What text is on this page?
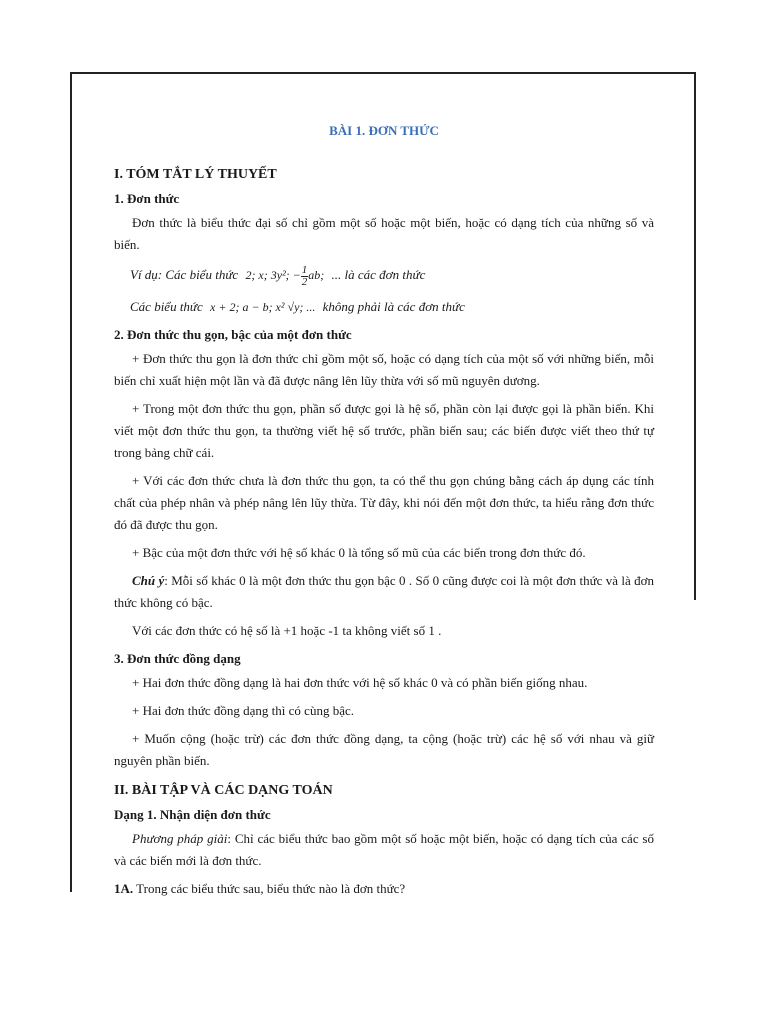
BÀI 1. ĐƠN THỨC
I. TÓM TẮT LÝ THUYẾT
1. Đơn thức
Đơn thức là biểu thức đại số chỉ gồm một số hoặc một biến, hoặc có dạng tích của những số và biến.
Ví dụ: Các biểu thức 2; x; 3y²; − $\frac{1}{2}$ ab; ... là các đơn thức
Các biểu thức x + 2; a − b; x² √y; ... không phải là các đơn thức
2. Đơn thức thu gọn, bậc của một đơn thức
+ Đơn thức thu gọn là đơn thức chỉ gồm một số, hoặc có dạng tích của một số với những biến, mỗi biến chỉ xuất hiện một lần và đã được nâng lên lũy thừa với số mũ nguyên dương.
+ Trong một đơn thức thu gọn, phần số được gọi là hệ số, phần còn lại được gọi là phần biến. Khi viết một đơn thức thu gọn, ta thường viết hệ số trước, phần biến sau; các biến được viết theo thứ tự trong bảng chữ cái.
+ Với các đơn thức chưa là đơn thức thu gọn, ta có thể thu gọn chúng bằng cách áp dụng các tính chất của phép nhân và phép nâng lên lũy thừa. Từ đây, khi nói đến một đơn thức, ta hiểu rằng đơn thức đó đã được thu gọn.
+ Bậc của một đơn thức với hệ số khác 0 là tổng số mũ của các biến trong đơn thức đó.
Chú ý: Mỗi số khác 0 là một đơn thức thu gọn bậc 0 . Số 0 cũng được coi là một đơn thức và là đơn thức không có bậc.
Với các đơn thức có hệ số là +1 hoặc -1 ta không viết số 1 .
3. Đơn thức đồng dạng
+ Hai đơn thức đồng dạng là hai đơn thức với hệ số khác 0 và có phần biến giống nhau.
+ Hai đơn thức đồng dạng thì có cùng bậc.
+ Muốn cộng (hoặc trừ) các đơn thức đồng dạng, ta cộng (hoặc trừ) các hệ số với nhau và giữ nguyên phần biến.
II. BÀI TẬP VÀ CÁC DẠNG TOÁN
Dạng 1. Nhận diện đơn thức
Phương pháp giải: Chỉ các biểu thức bao gồm một số hoặc một biến, hoặc có dạng tích của các số và các biến mới là đơn thức.
1A. Trong các biểu thức sau, biểu thức nào là đơn thức?
